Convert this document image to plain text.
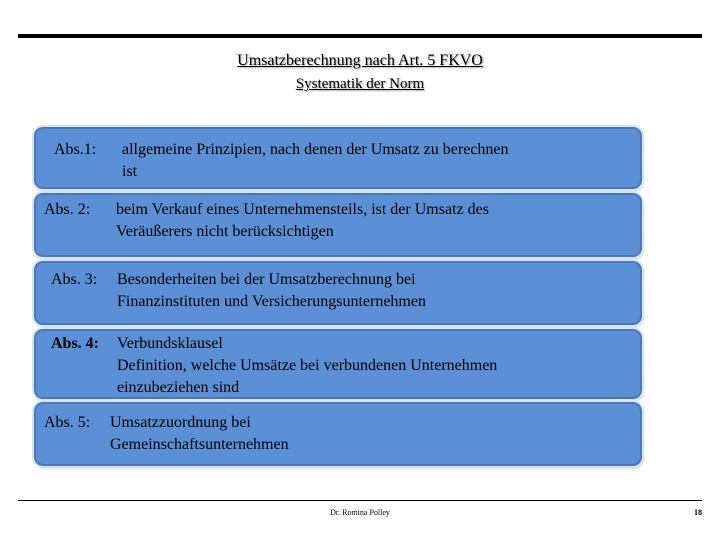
Umsatzberechnung nach Art. 5 FKVO
Systematik der Norm
Abs.1: allgemeine Prinzipien, nach denen der Umsatz zu berechnen
ist
Abs. 2: beim Verkauf eines Unternehmensteils, ist der Umsatz des
Veräußerers nicht berücksichtigen
Abs. 3: Besonderheiten bei der Umsatzberechnung bei
Finanzinstituten und Versicherungsunternehmen
Abs. 4: Verbundsklausel
Definition, welche Umsätze bei verbundenen Unternehmen
einzubeziehen sind
Abs. 5: Umsatzzuordnung bei
Gemeinschaftsunternehmen
Dr. Romina Polley	18
